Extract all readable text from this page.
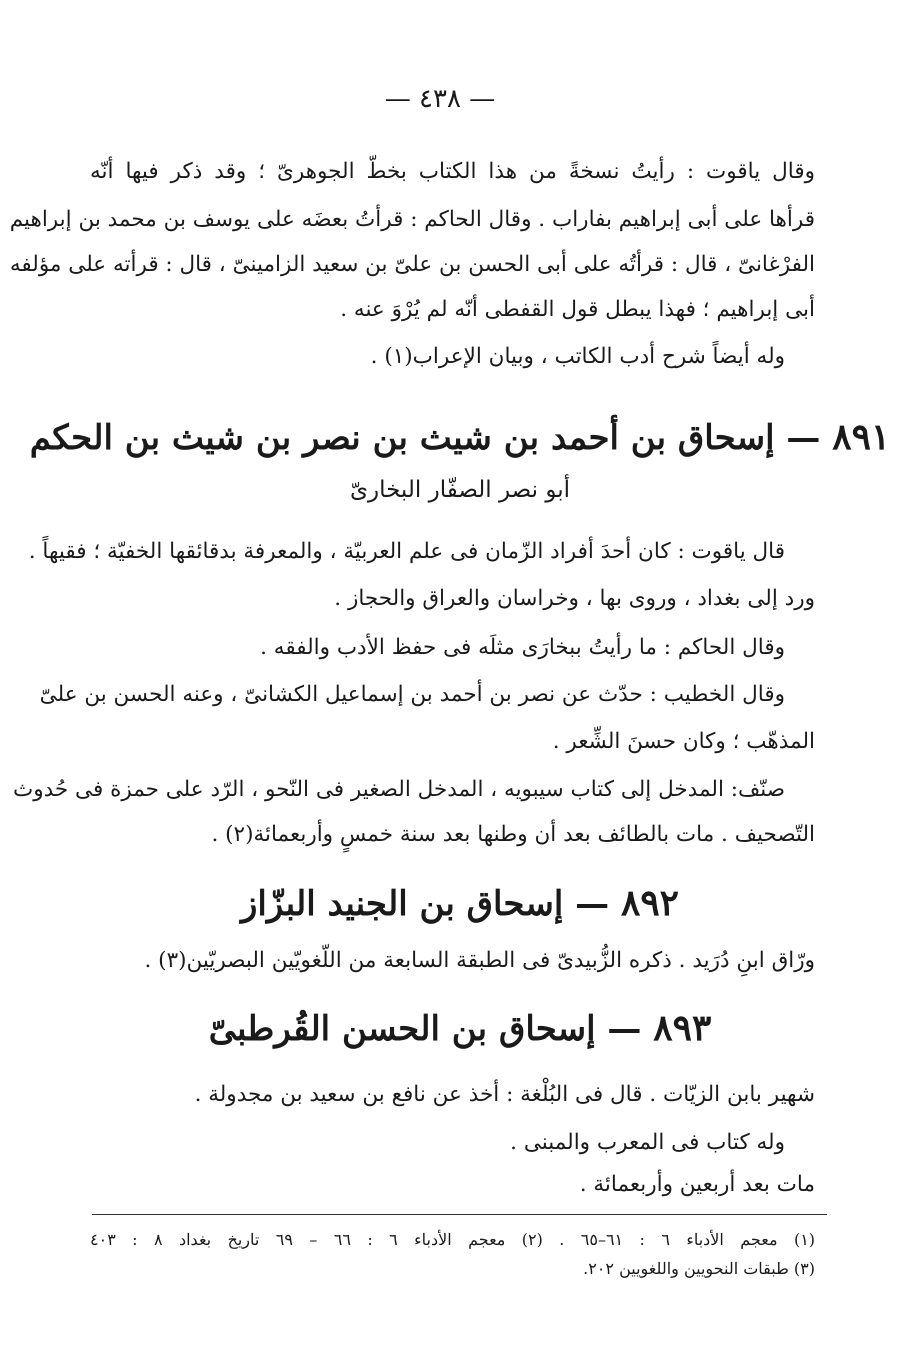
— ٤٣٨ —
وقال ياقوت : رأيتُ نسخةً من هذا الكتاب بخطّ الجوهرىّ ؛ وقد ذكر فيها أنّه
قرأها على أبى إبراهيم بفاراب . وقال الحاكم : قرأتُ بعضَه على يوسف بن محمد بن إبراهيم
الفرْغانىّ ، قال : قرأتُه على أبى الحسن بن علىّ بن سعيد الزامينىّ ، قال : قرأته على مؤلفه
أبى إبراهيم ؛ فهذا يبطل قول القفطى أنّه لم يُرْوَ عنه .
وله أيضاً شرح أدب الكاتب ، وبيان الإعراب(١) .
٨٩١ — إسحاق بن أحمد بن شيث بن نصر بن شيث بن الحكم
أبو نصر الصفّار البخارىّ
قال ياقوت : كان أحدَ أفراد الزّمان فى علم العربيّة ، والمعرفة بدقائقها الخفيّة ؛ فقيهاً .
ورد إلى بغداد ، وروى بها ، وخراسان والعراق والحجاز .
وقال الحاكم : ما رأيتُ ببخارَى مثلَه فى حفظ الأدب والفقه .
وقال الخطيب : حدّث عن نصر بن أحمد بن إسماعيل الكشانىّ ، وعنه الحسن بن علىّ
المذهّب ؛ وكان حسنَ الشِّعر .
صنّف: المدخل إلى كتاب سيبويه ، المدخل الصغير فى النّحو ، الرّد على حمزة فى حُدوث
التّصحيف . مات بالطائف بعد أن وطنها بعد سنة خمسٍ وأربعمائة(٢) .
٨٩٢ — إسحاق بن الجنيد البزّاز
ورّاق ابنِ دُرَيد . ذكره الزُّبيدىّ فى الطبقة السابعة من اللّغويّين البصريّين(٣) .
٨٩٣ — إسحاق بن الحسن القُرطبىّ
شهير بابن الزيّات . قال فى البُلْغة : أخذ عن نافع بن سعيد بن مجدولة .
وله كتاب فى المعرب والمبنى .
مات بعد أربعين وأربعمائة .
(١) معجم الأدباء ٦ : ٦١–٦٥ . (٢) معجم الأدباء ٦ : ٦٦ – ٦٩ تاريخ بغداد ٨ : ٤٠٣
(٣) طبقات النحويين واللغويين ٢٠٢.
